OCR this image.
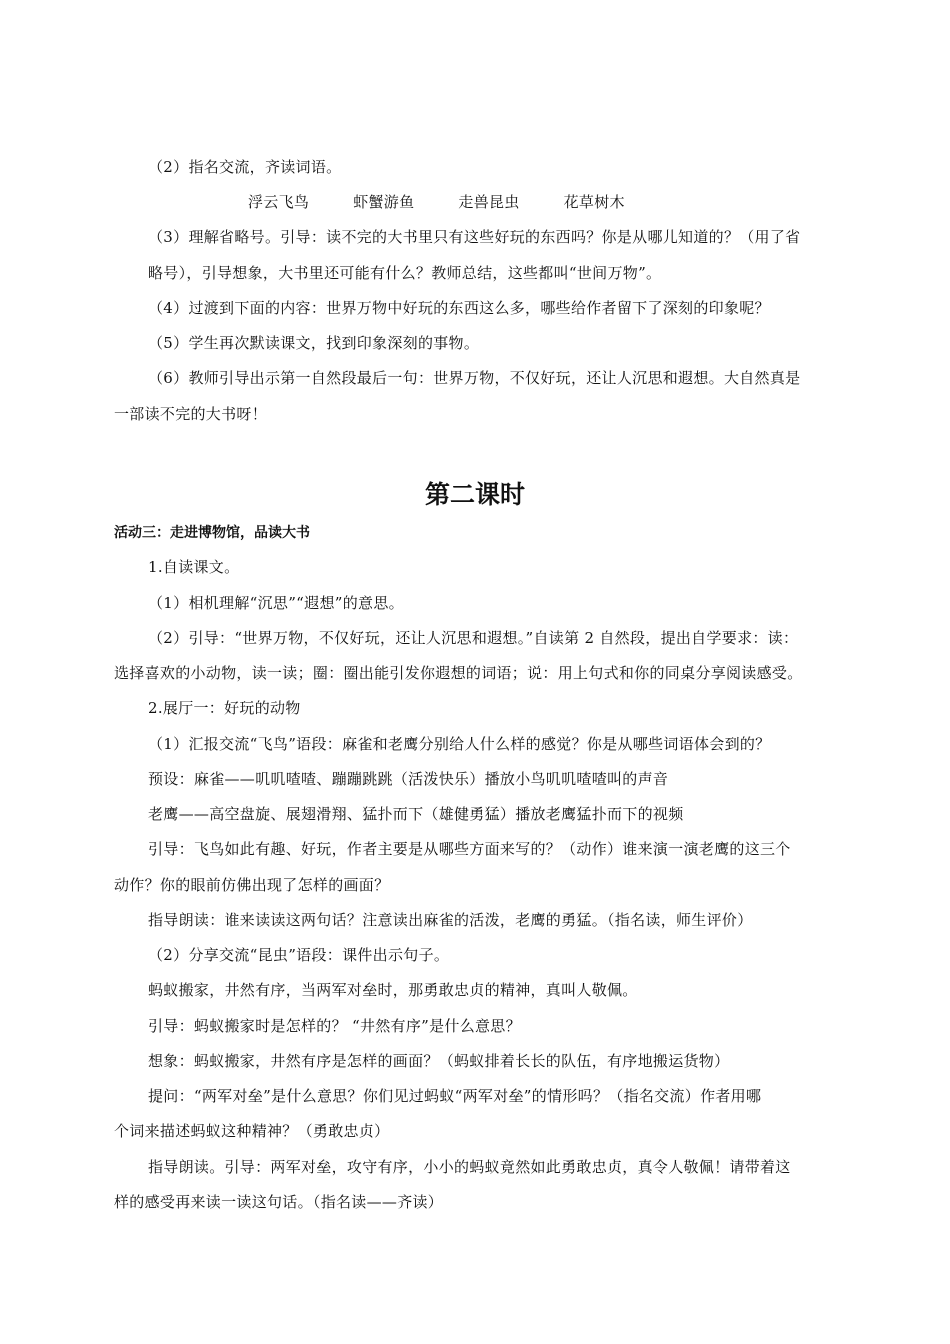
（2）指名交流，齐读词语。
浮云飞鸟	虾蟹游鱼	走兽昆虫	花草树木
（3）理解省略号。引导：读不完的大书里只有这些好玩的东西吗？你是从哪儿知道的？（用了省
略号），引导想象，大书里还可能有什么？教师总结，这些都叫“世间万物”。
（4）过渡到下面的内容：世界万物中好玩的东西这么多，哪些给作者留下了深刻的印象呢？
（5）学生再次默读课文，找到印象深刻的事物。
（6）教师引导出示第一自然段最后一句：世界万物，不仅好玩，还让人沉思和遐想。大自然真是
一部读不完的大书呀！
第二课时
活动三：走进博物馆，品读大书
1.自读课文。
（1）相机理解“沉思”“遐想”的意思。
（2）引导：“世界万物，不仅好玩，还让人沉思和遐想。”自读第 2 自然段，提出自学要求：读：
选择喜欢的小动物，读一读；圈：圈出能引发你遐想的词语；说：用上句式和你的同桌分享阅读感受。
2.展厅一：好玩的动物
（1）汇报交流“飞鸟”语段：麻雀和老鹰分别给人什么样的感觉？你是从哪些词语体会到的？
预设：麻雀——叽叽喳喳、蹦蹦跳跳（活泼快乐）播放小鸟叽叽喳喳叫的声音
老鹰——高空盘旋、展翅滑翔、猛扑而下（雄健勇猛）播放老鹰猛扑而下的视频
引导：飞鸟如此有趣、好玩，作者主要是从哪些方面来写的？（动作）谁来演一演老鹰的这三个
动作？你的眼前仿佛出现了怎样的画面？
指导朗读：谁来读读这两句话？注意读出麻雀的活泼，老鹰的勇猛。（指名读，师生评价）
（2）分享交流“昆虫”语段：课件出示句子。
蚂蚁搬家，井然有序，当两军对垒时，那勇敢忠贞的精神，真叫人敬佩。
引导：蚂蚁搬家时是怎样的？ “井然有序”是什么意思？
想象：蚂蚁搬家，井然有序是怎样的画面？（蚂蚁排着长长的队伍，有序地搬运货物）
提问：“两军对垒”是什么意思？你们见过蚂蚁“两军对垒”的情形吗？（指名交流）作者用哪
个词来描述蚂蚁这种精神？（勇敢忠贞）
指导朗读。引导：两军对垒，攻守有序，小小的蚂蚁竟然如此勇敢忠贞，真令人敬佩！请带着这
样的感受再来读一读这句话。（指名读——齐读）
